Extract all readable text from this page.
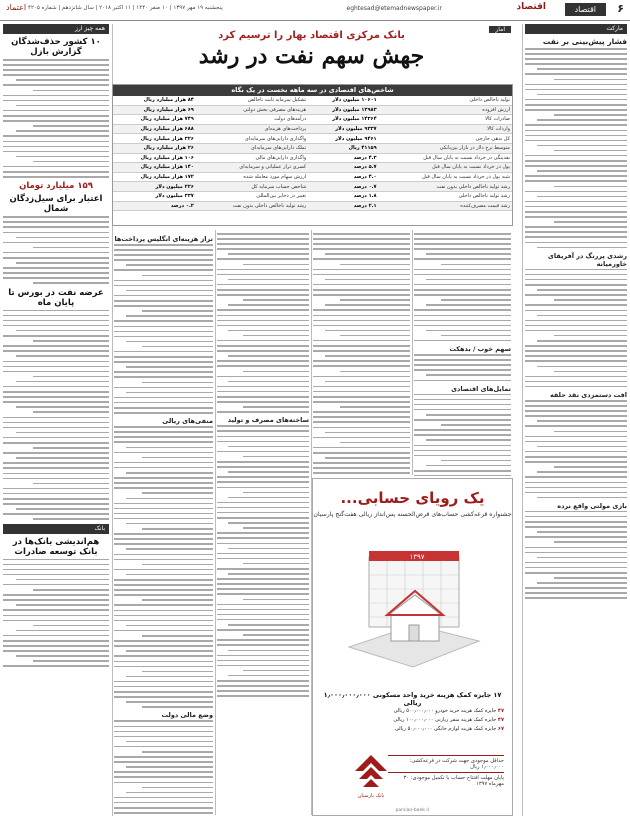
۶
اقتصاد
اقتصاد
eghtesad@etemadnewspaper.ir
پنجشنبه ۱۹ مهر ۱۳۹۷ | ۱۰ صفر ۱۴۴۰ | ۱۱ اکتبر ۲۰۱۸ | سال شانزدهم | شماره ۴۲۰۵
اعتماد
مارکت
فشار پیش‌بینی بر نفت
رشدی پررنگ در آفریقای خاورمیانه
افت دستمزدی نقد حلقه
بازی مولتی واقع نرده
آمار
بانک مرکزی اقتصاد بهار را ترسیم کرد
جهش سهم نفت در رشد
شاخص‌های اقتصادی در سه ماهه نخست در یک نگاه
تولید ناخالص داخلی	۱۰۶۰۱ میلیون دلار	تشکیل سرمایه ثابت ناخالص	۸۴ هزار میلیارد ریال
ارزش افزوده	۱۲۹۸۳ میلیون دلار	هزینه‌های مصرفی بخش دولتی	۶۹ هزار میلیارد ریال
صادرات کالا	۱۴۳۶۴ میلیون دلار	درآمدهای دولت	۷۴۹ هزار میلیارد ریال
واردات کالا	۹۳۳۷ میلیون دلار	پرداخت‌های هزینه‌ای	۶۸۸ هزار میلیارد ریال
کل بدهی خارجی	۹۴۶۱ میلیون دلار	واگذاری دارایی‌های سرمایه‌ای	۳۲۶ هزار میلیارد ریال
متوسط نرخ دلار در بازار بین‌بانکی	۴۱۱۵۹ ریال	تملک دارایی‌های سرمایه‌ای	۲۶ هزار میلیارد ریال
نقدینگی در خرداد نسبت به پایان سال قبل	۴.۳ درصد	واگذاری دارایی‌های مالی	۱۰۶ هزار میلیارد ریال
پول در خرداد نسبت به پایان سال قبل	۵.۷ درصد	کسری تراز عملیاتی و سرمایه‌ای	۱۴۰ هزار میلیارد ریال
شبه پول در خرداد نسبت به پایان سال قبل	۴.۰ درصد	ارزش سهام مورد معامله شده	۱۷۲ هزار میلیارد ریال
رشد تولید ناخالص داخلی بدون نفت	۰.۷ درصد	شاخص حساب سرمایه کل	۲۲۶ میلیون دلار
رشد تولید ناخالص داخلی	۱.۸ درصد	تغییر در ذخایر بین‌المللی	۳۳۷ میلیون دلار
رشد قیمت مصرف‌کننده	۲.۱ درصد	رشد تولید ناخالص داخلی بدون نفت	۰.۲ درصد
سهم خوب / بدهکت
تمایل‌های اقتصادی
ساخته‌های مصرف و تولید
تراز هزینه‌ای انگلیس پرداخت‌ها
منفی‌های ریالی
وضع مالی دولت
همه چیز ارز
۱۰ کشور حذف‌شدگان گزارش بازل
۱۵۹ میلیارد تومان
اعتبار برای سیل‌زدگان شمال
عرضه نفت در بورس تا پایان ماه
بانک
هم‌اندیشی بانک‌ها در بانک توسعه صادرات
یک رویای حسابی...
جشنواره قرعه‌کشی حساب‌های قرض‌الحسنه پس‌انداز ریالی هفت‌گنج پارسیان
١٣٩٧
۱۷ جایزه کمک هزینه خرید واحد مسکونی ۱٫۰۰۰٫۰۰۰٫۰۰۰ ریالی
۴۷ جایزه کمک هزینه خرید خودرو ۵۰۰٫۰۰۰٫۰۰۰ ریالی
۴۷ جایزه کمک هزینه سفر زیارتی ۱۰۰٫۰۰۰٫۰۰۰ ریالی
۶۷ جایزه کمک هزینه لوازم خانگی ۵۰٫۰۰۰٫۰۰۰ ریالی
بانک پارسیان
حداقل موجودی جهت شرکت در قرعه‌کشی: ۱٫۰۰۰٫۰۰۰ ریال
پایان مهلت افتتاح حساب یا تکمیل موجودی: ۳۰ مهرماه ۱۳۹۷
parsian-bank.ir
